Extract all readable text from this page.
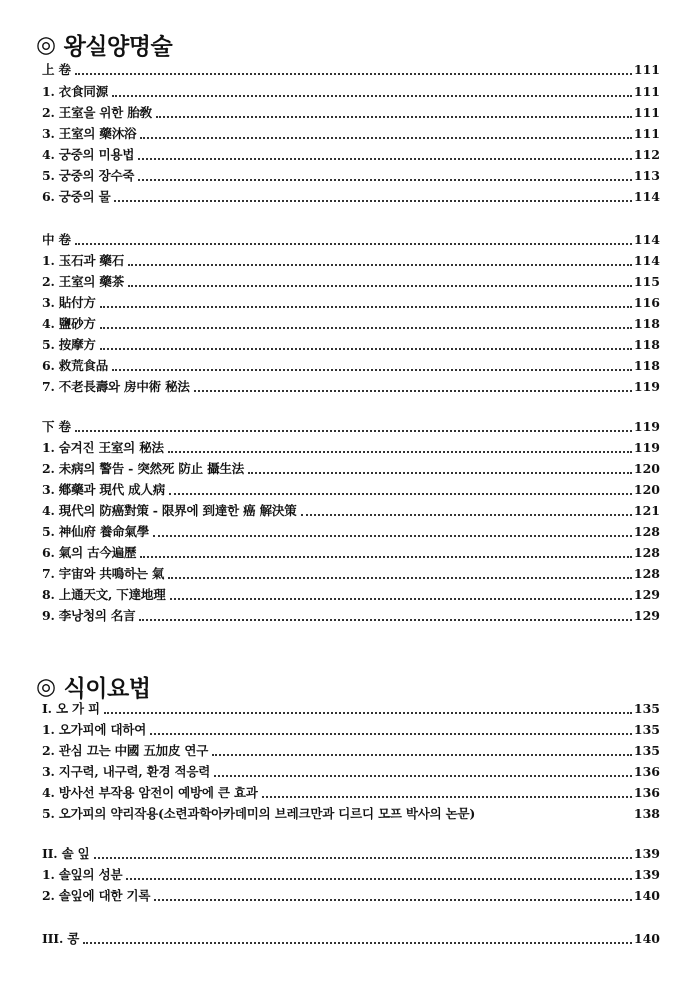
◎ 왕실양명술
上 卷	111
1. 衣食同源	111
2. 王室을 위한 胎敎	111
3. 王室의 藥沐浴	111
4. 궁중의 미용법	112
5. 궁중의 장수죽	113
6. 궁중의 물	114
中 卷	114
1. 玉石과 藥石	114
2. 王室의 藥茶	115
3. 貼付方	116
4. 鹽砂方	118
5. 按摩方	118
6. 救荒食品	118
7. 不老長壽와 房中術 秘法	119
下 卷	119
1. 숨겨진 王室의 秘法	119
2. 未病의 警告 - 突然死 防止 攝生法	120
3. 鄕藥과 現代 成人病	120
4. 現代의 防癌對策 - 限界에 到達한 癌 解決策	121
5. 神仙府 養命氣學	128
6. 氣의 古今遍歷	128
7. 宇宙와 共鳴하는 氣	128
8. 上通天文, 下達地理	129
9. 李낭청의 名言	129
◎ 식이요법
I. 오 가 피	135
1. 오가피에 대하여	135
2. 관심 끄는 中國 五加皮 연구	135
3. 지구력, 내구력, 환경 적응력	136
4. 방사선 부작용 암전이 예방에 큰 효과	136
5. 오가피의 약리작용(소련과학아카데미의 브레크만과 디르디 모프 박사의 논문)	138
II. 솔 잎	139
1. 솔잎의 성분	139
2. 솔잎에 대한 기록	140
III. 콩	140
